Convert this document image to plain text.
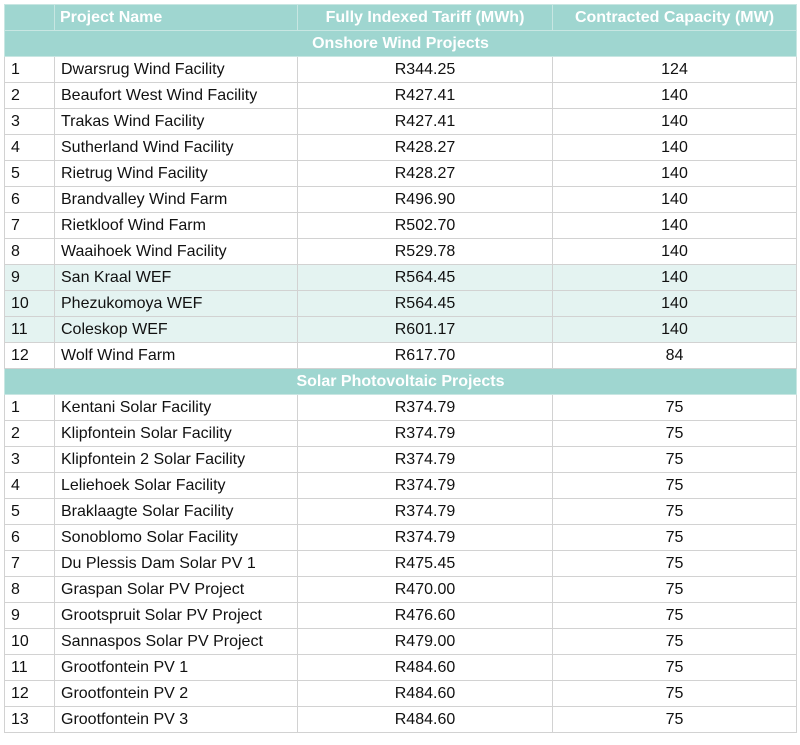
	Project Name	Fully Indexed Tariff (MWh)	Contracted Capacity (MW)
Onshore Wind Projects			
1	Dwarsrug Wind Facility	R344.25	124
2	Beaufort West Wind Facility	R427.41	140
3	Trakas Wind Facility	R427.41	140
4	Sutherland Wind Facility	R428.27	140
5	Rietrug Wind Facility	R428.27	140
6	Brandvalley Wind Farm	R496.90	140
7	Rietkloof Wind Farm	R502.70	140
8	Waaihoek Wind Facility	R529.78	140
9	San Kraal WEF	R564.45	140
10	Phezukomoya WEF	R564.45	140
11	Coleskop WEF	R601.17	140
12	Wolf Wind Farm	R617.70	84
Solar Photovoltaic Projects			
1	Kentani Solar Facility	R374.79	75
2	Klipfontein Solar Facility	R374.79	75
3	Klipfontein 2 Solar Facility	R374.79	75
4	Leliehoek Solar Facility	R374.79	75
5	Braklaagte Solar Facility	R374.79	75
6	Sonoblomo Solar Facility	R374.79	75
7	Du Plessis Dam Solar PV 1	R475.45	75
8	Graspan Solar PV Project	R470.00	75
9	Grootspruit Solar PV Project	R476.60	75
10	Sannaspos Solar PV Project	R479.00	75
11	Grootfontein PV 1	R484.60	75
12	Grootfontein PV 2	R484.60	75
13	Grootfontein PV 3	R484.60	75
